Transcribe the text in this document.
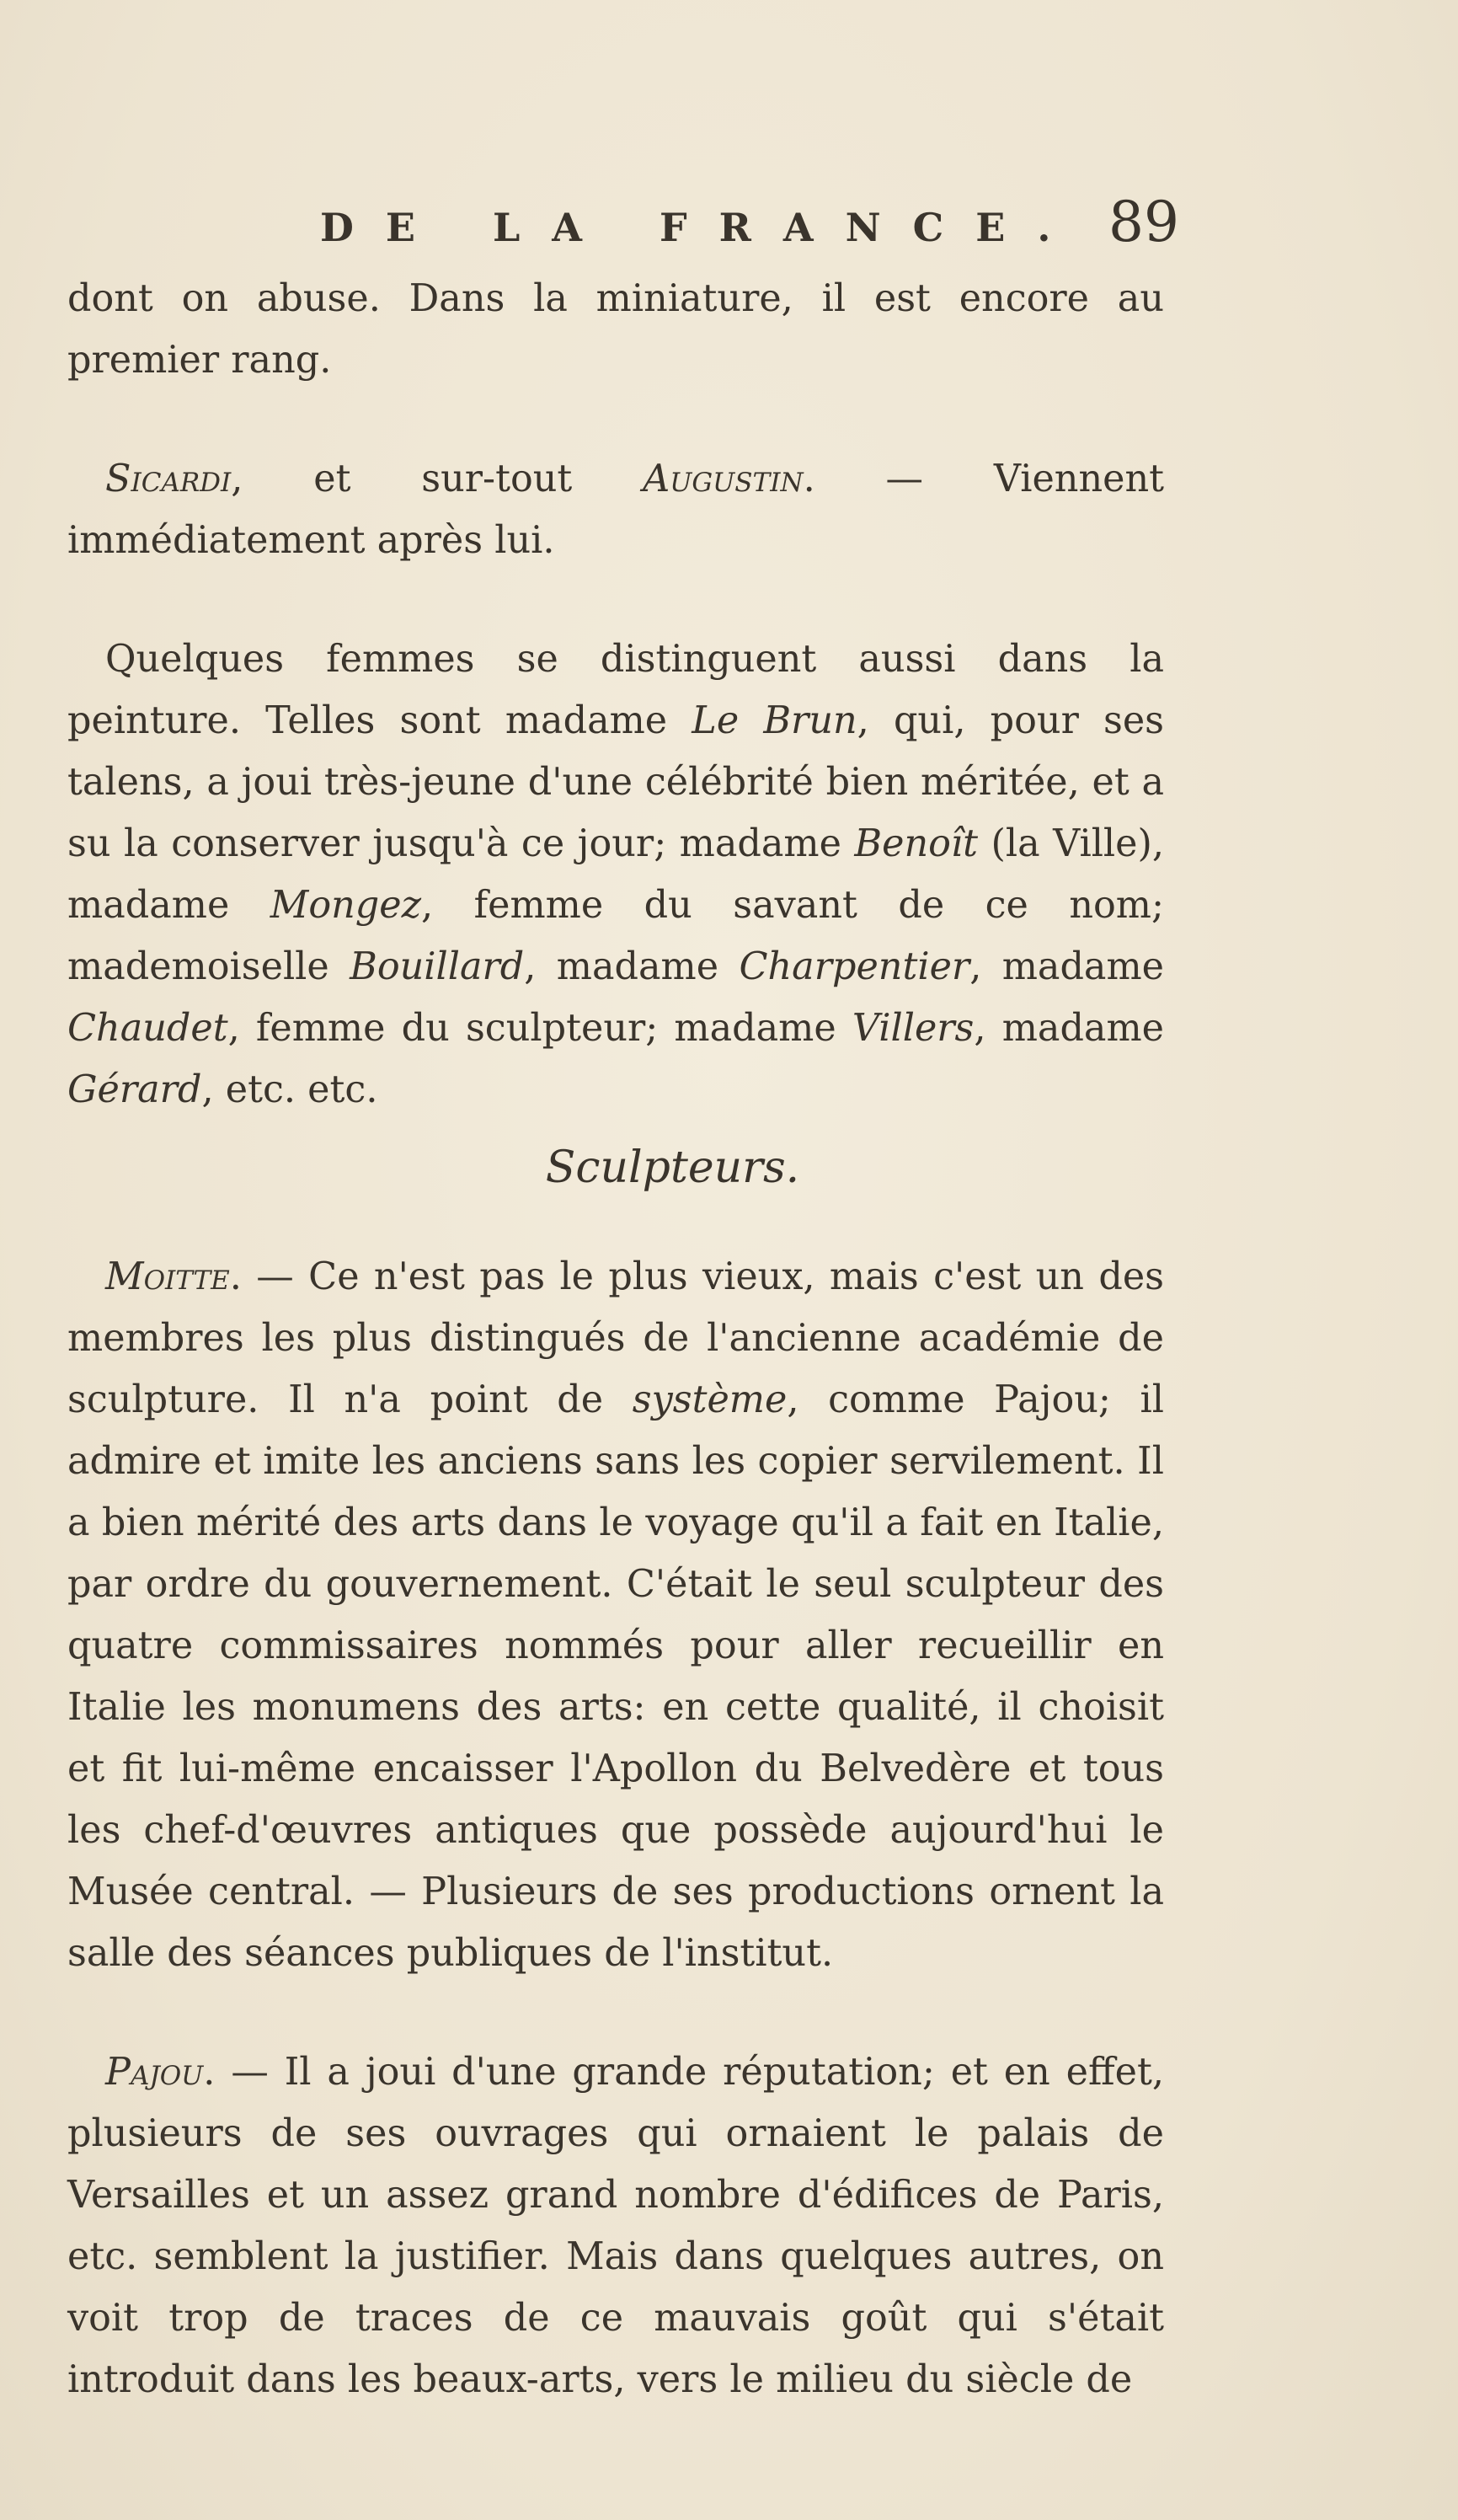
DE LA FRANCE. 89

dont on abuse. Dans la miniature, il est encore au premier rang.

Sicardi, et sur-tout Augustin. — Viennent immédiatement après lui.

Quelques femmes se distinguent aussi dans la peinture. Telles sont madame Le Brun, qui, pour ses talens, a joui très-jeune d'une célébrité bien méritée, et a su la conserver jusqu'à ce jour; madame Benoît (la Ville), madame Mongez, femme du savant de ce nom; mademoiselle Bouillard, madame Charpentier, madame Chaudet, femme du sculpteur; madame Villers, madame Gérard, etc. etc.

Sculpteurs.

Moitte. — Ce n'est pas le plus vieux, mais c'est un des membres les plus distingués de l'ancienne académie de sculpture. Il n'a point de système, comme Pajou; il admire et imite les anciens sans les copier servilement. Il a bien mérité des arts dans le voyage qu'il a fait en Italie, par ordre du gouvernement. C'était le seul sculpteur des quatre commissaires nommés pour aller recueillir en Italie les monumens des arts: en cette qualité, il choisit et fit lui-même encaisser l'Apollon du Belvedère et tous les chef-d'œuvres antiques que possède aujourd'hui le Musée central. — Plusieurs de ses productions ornent la salle des séances publiques de l'institut.

Pajou. — Il a joui d'une grande réputation; et en effet, plusieurs de ses ouvrages qui ornaient le palais de Versailles et un assez grand nombre d'édifices de Paris, etc. semblent la justifier. Mais dans quelques autres, on voit trop de traces de ce mauvais goût qui s'était introduit dans les beaux-arts, vers le milieu du siècle de
